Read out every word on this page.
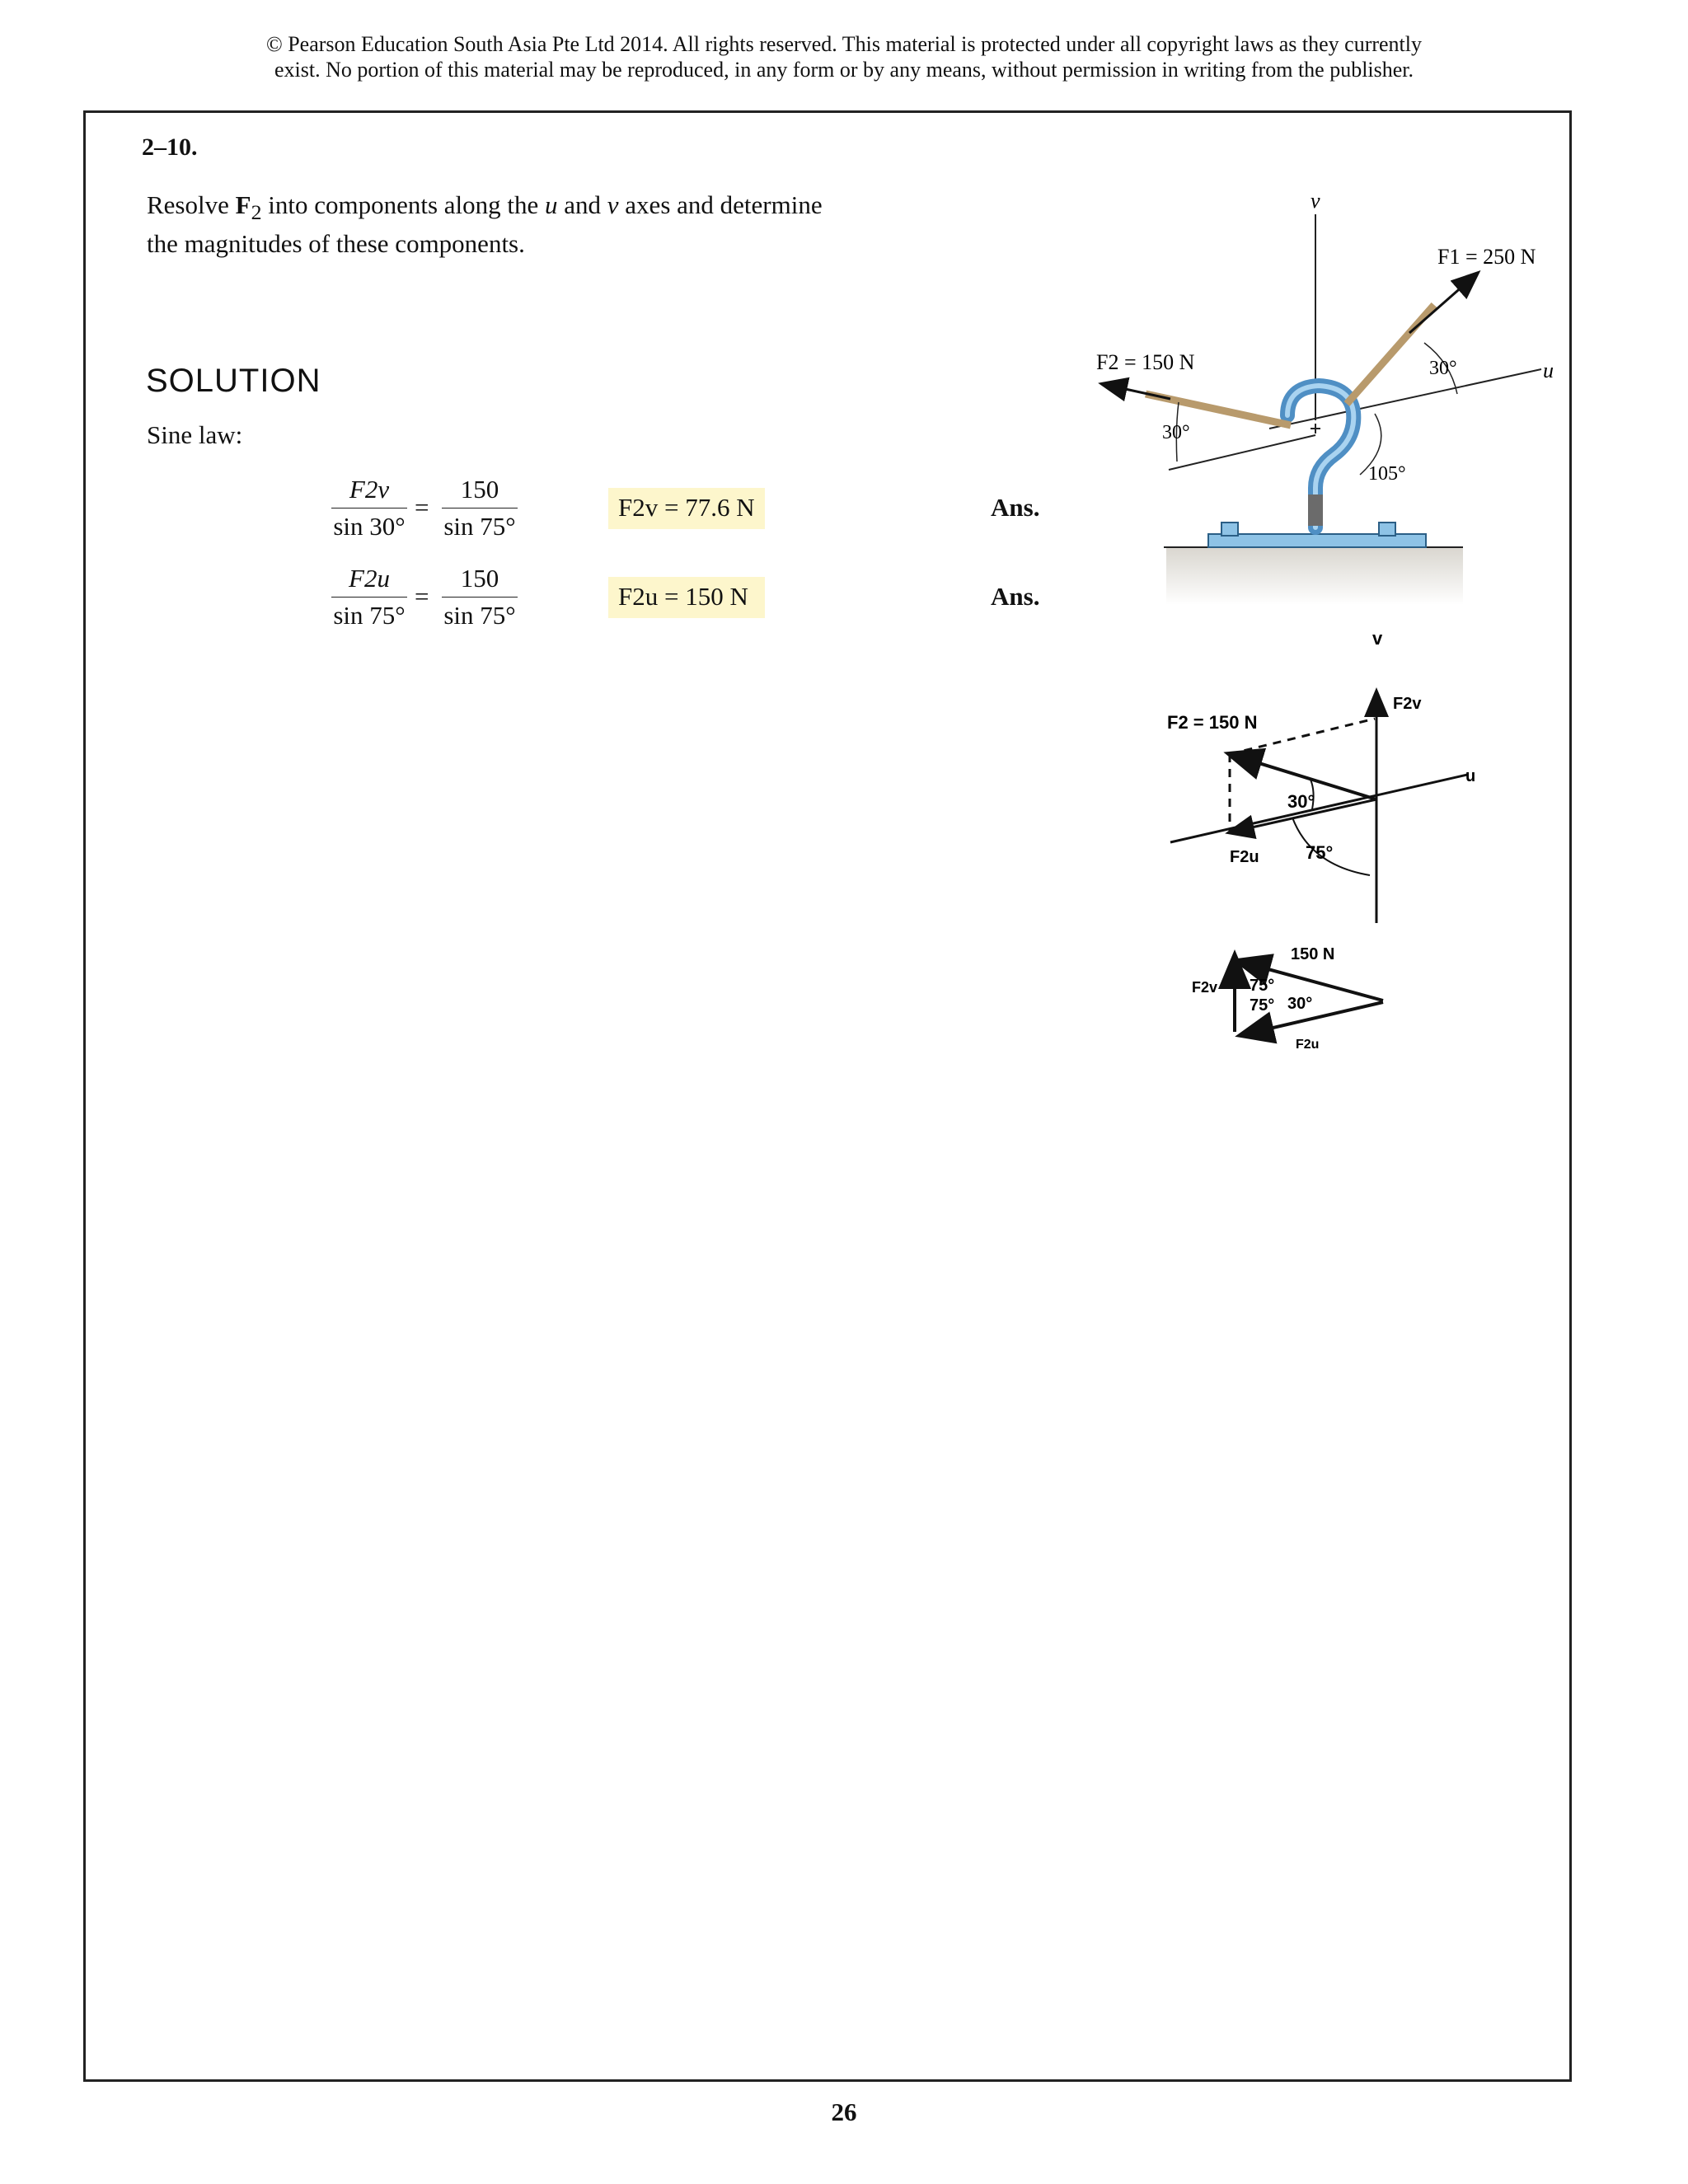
© Pearson Education South Asia Pte Ltd 2014. All rights reserved. This material is protected under all copyright laws as they currently
exist. No portion of this material may be reproduced, in any form or by any means, without permission in writing from the publisher.
2–10.
Resolve $F_2$ into components along the u and v axes and determine the magnitudes of these components.
SOLUTION
Sine law:
$\frac{F2v}{\sin 30^\circ} = \frac{150}{\sin 75^\circ}$	F2v = 77.6 N	Ans.
$\frac{F2u}{\sin 75^\circ} = \frac{150}{\sin 75^\circ}$	F2u = 150 N	Ans.
v
u
F1 = 250 N
F2 = 150 N	30°
30°
105°
v
u
F2 = 150 N
F2v
F2u
30°
75°
150 N
F2v
F2u
75°
75° 30°
26
